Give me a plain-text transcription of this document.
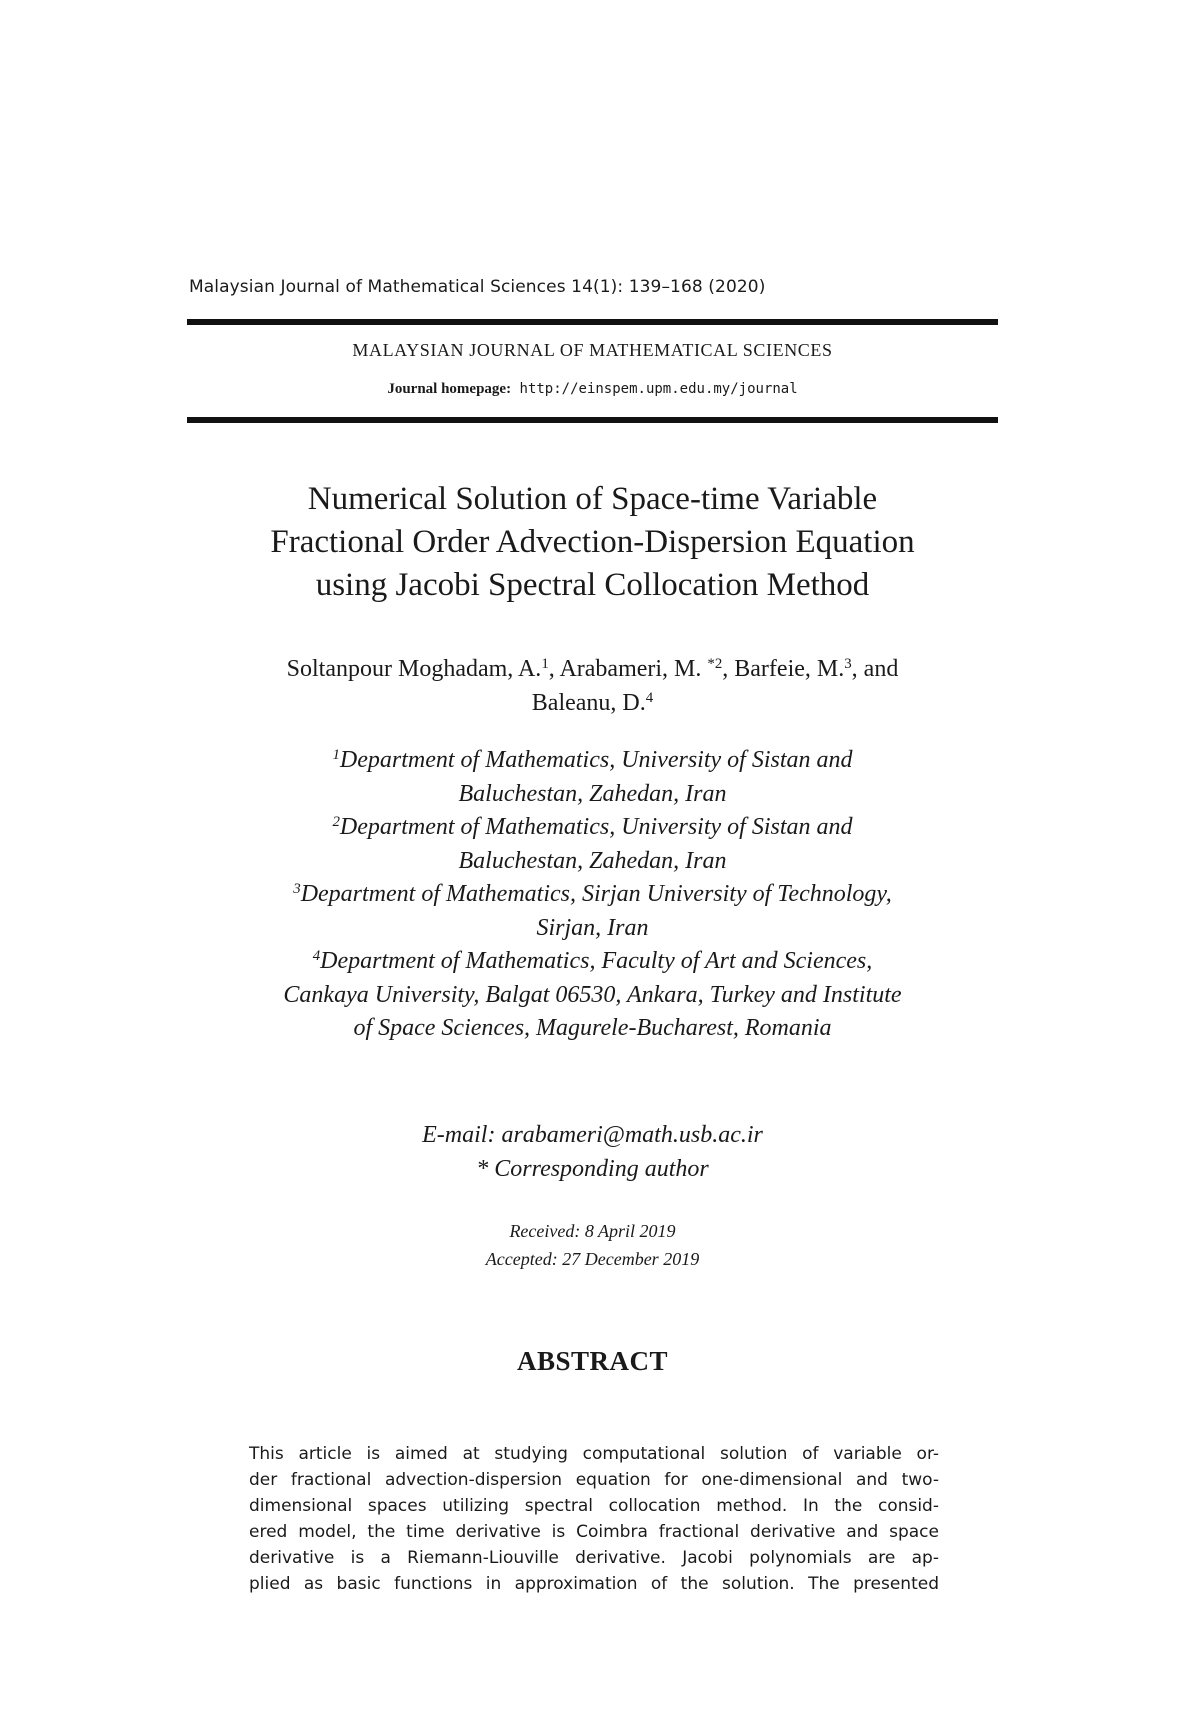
Malaysian Journal of Mathematical Sciences 14(1): 139–168 (2020)
MALAYSIAN JOURNAL OF MATHEMATICAL SCIENCES
Journal homepage: http://einspem.upm.edu.my/journal
Numerical Solution of Space-time Variable
Fractional Order Advection-Dispersion Equation
using Jacobi Spectral Collocation Method
Soltanpour Moghadam, A.$^1$, Arabameri, M. $^{*2}$, Barfeie, M.$^3$, and
Baleanu, D.$^4$
$^1$Department of Mathematics, University of Sistan and
Baluchestan, Zahedan, Iran
$^2$Department of Mathematics, University of Sistan and
Baluchestan, Zahedan, Iran
$^3$Department of Mathematics, Sirjan University of Technology,
Sirjan, Iran
$^4$Department of Mathematics, Faculty of Art and Sciences,
Cankaya University, Balgat 06530, Ankara, Turkey and Institute
of Space Sciences, Magurele-Bucharest, Romania
E-mail: arabameri@math.usb.ac.ir
* Corresponding author
Received: 8 April 2019
Accepted: 27 December 2019
ABSTRACT
This article is aimed at studying computational solution of variable or-
der fractional advection-dispersion equation for one-dimensional and two-
dimensional spaces utilizing spectral collocation method. In the consid-
ered model, the time derivative is Coimbra fractional derivative and space
derivative is a Riemann-Liouville derivative. Jacobi polynomials are ap-
plied as basic functions in approximation of the solution. The presented
